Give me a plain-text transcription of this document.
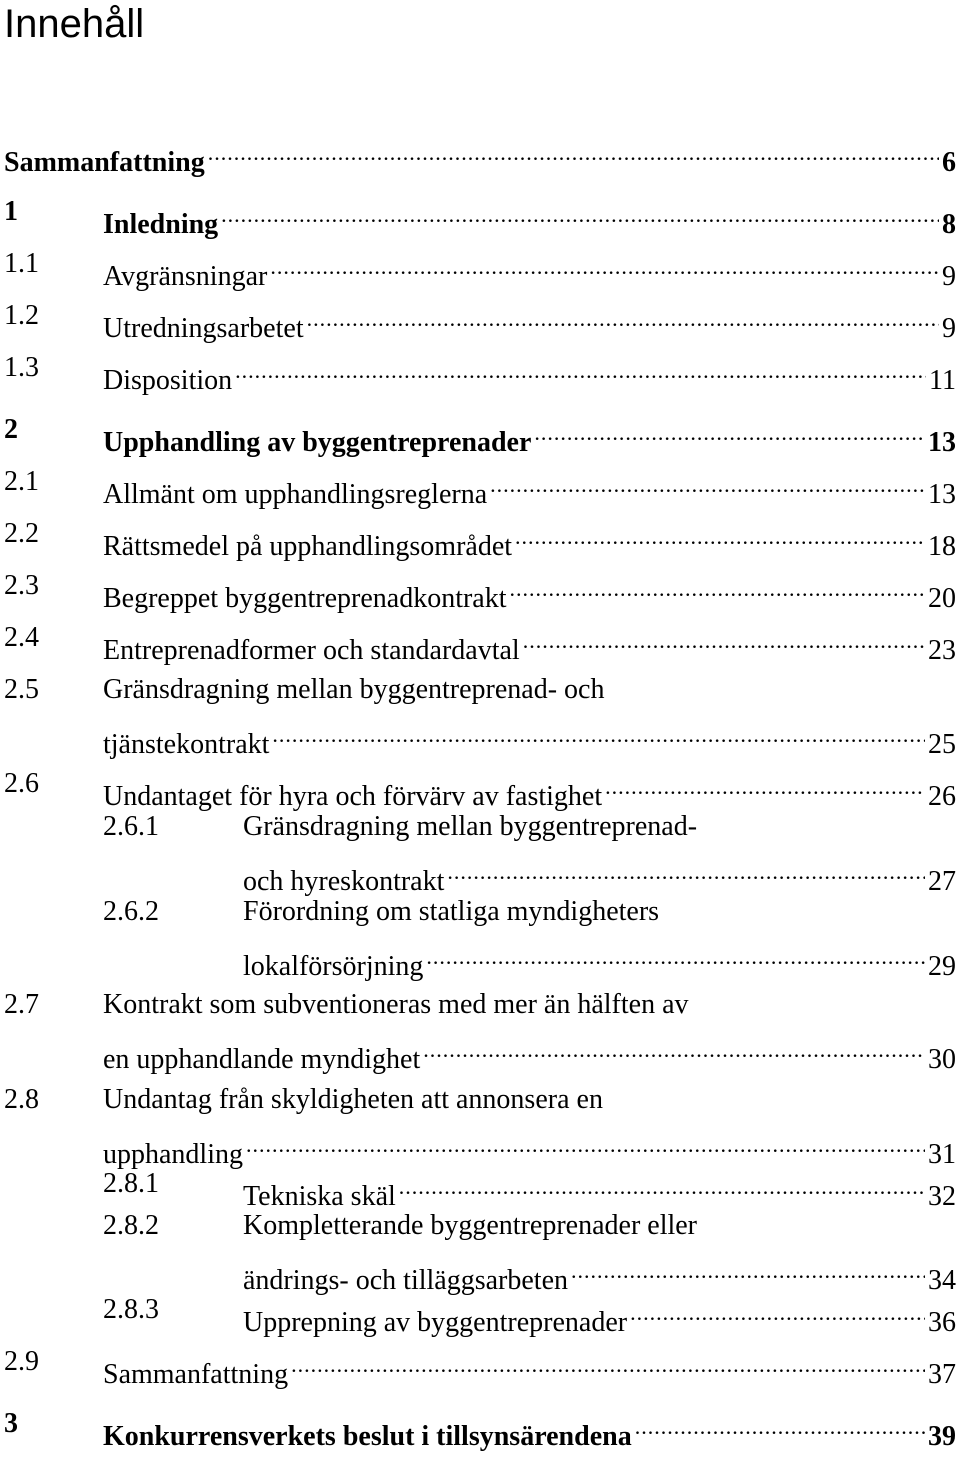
Innehåll
Sammanfattning .....	6
1	Inledning .....	8
1.1 Avgränsningar .....	9
1.2 Utredningsarbetet .....	9
1.3 Disposition .....	11
2	Upphandling av byggentreprenader .....	13
2.1 Allmänt om upphandlingsreglerna .....	13
2.2 Rättsmedel på upphandlingsområdet .....	18
2.3 Begreppet byggentreprenadkontrakt .....	20
2.4 Entreprenadformer och standardavtal .....	23
2.5 Gränsdragning mellan byggentreprenad- och
tjänstekontrakt .....	25
2.6 Undantaget för hyra och förvärv av fastighet .....	26
2.6.1	Gränsdragning mellan byggentreprenad-
och hyreskontrakt .....	27
2.6.2	Förordning om statliga myndigheters
lokalförsörjning .....	29
2.7 Kontrakt som subventioneras med mer än hälften av
en upphandlande myndighet .....	30
2.8 Undantag från skyldigheten att annonsera en
upphandling .....	31
2.8.1	Tekniska skäl .....	32
2.8.2	Kompletterande byggentreprenader eller
ändrings- och tilläggsarbeten .....	34
2.8.3	Upprepning av byggentreprenader .....	36
2.9 Sammanfattning .....	37
3	Konkurrensverkets beslut i tillsynsärendena .....	39
